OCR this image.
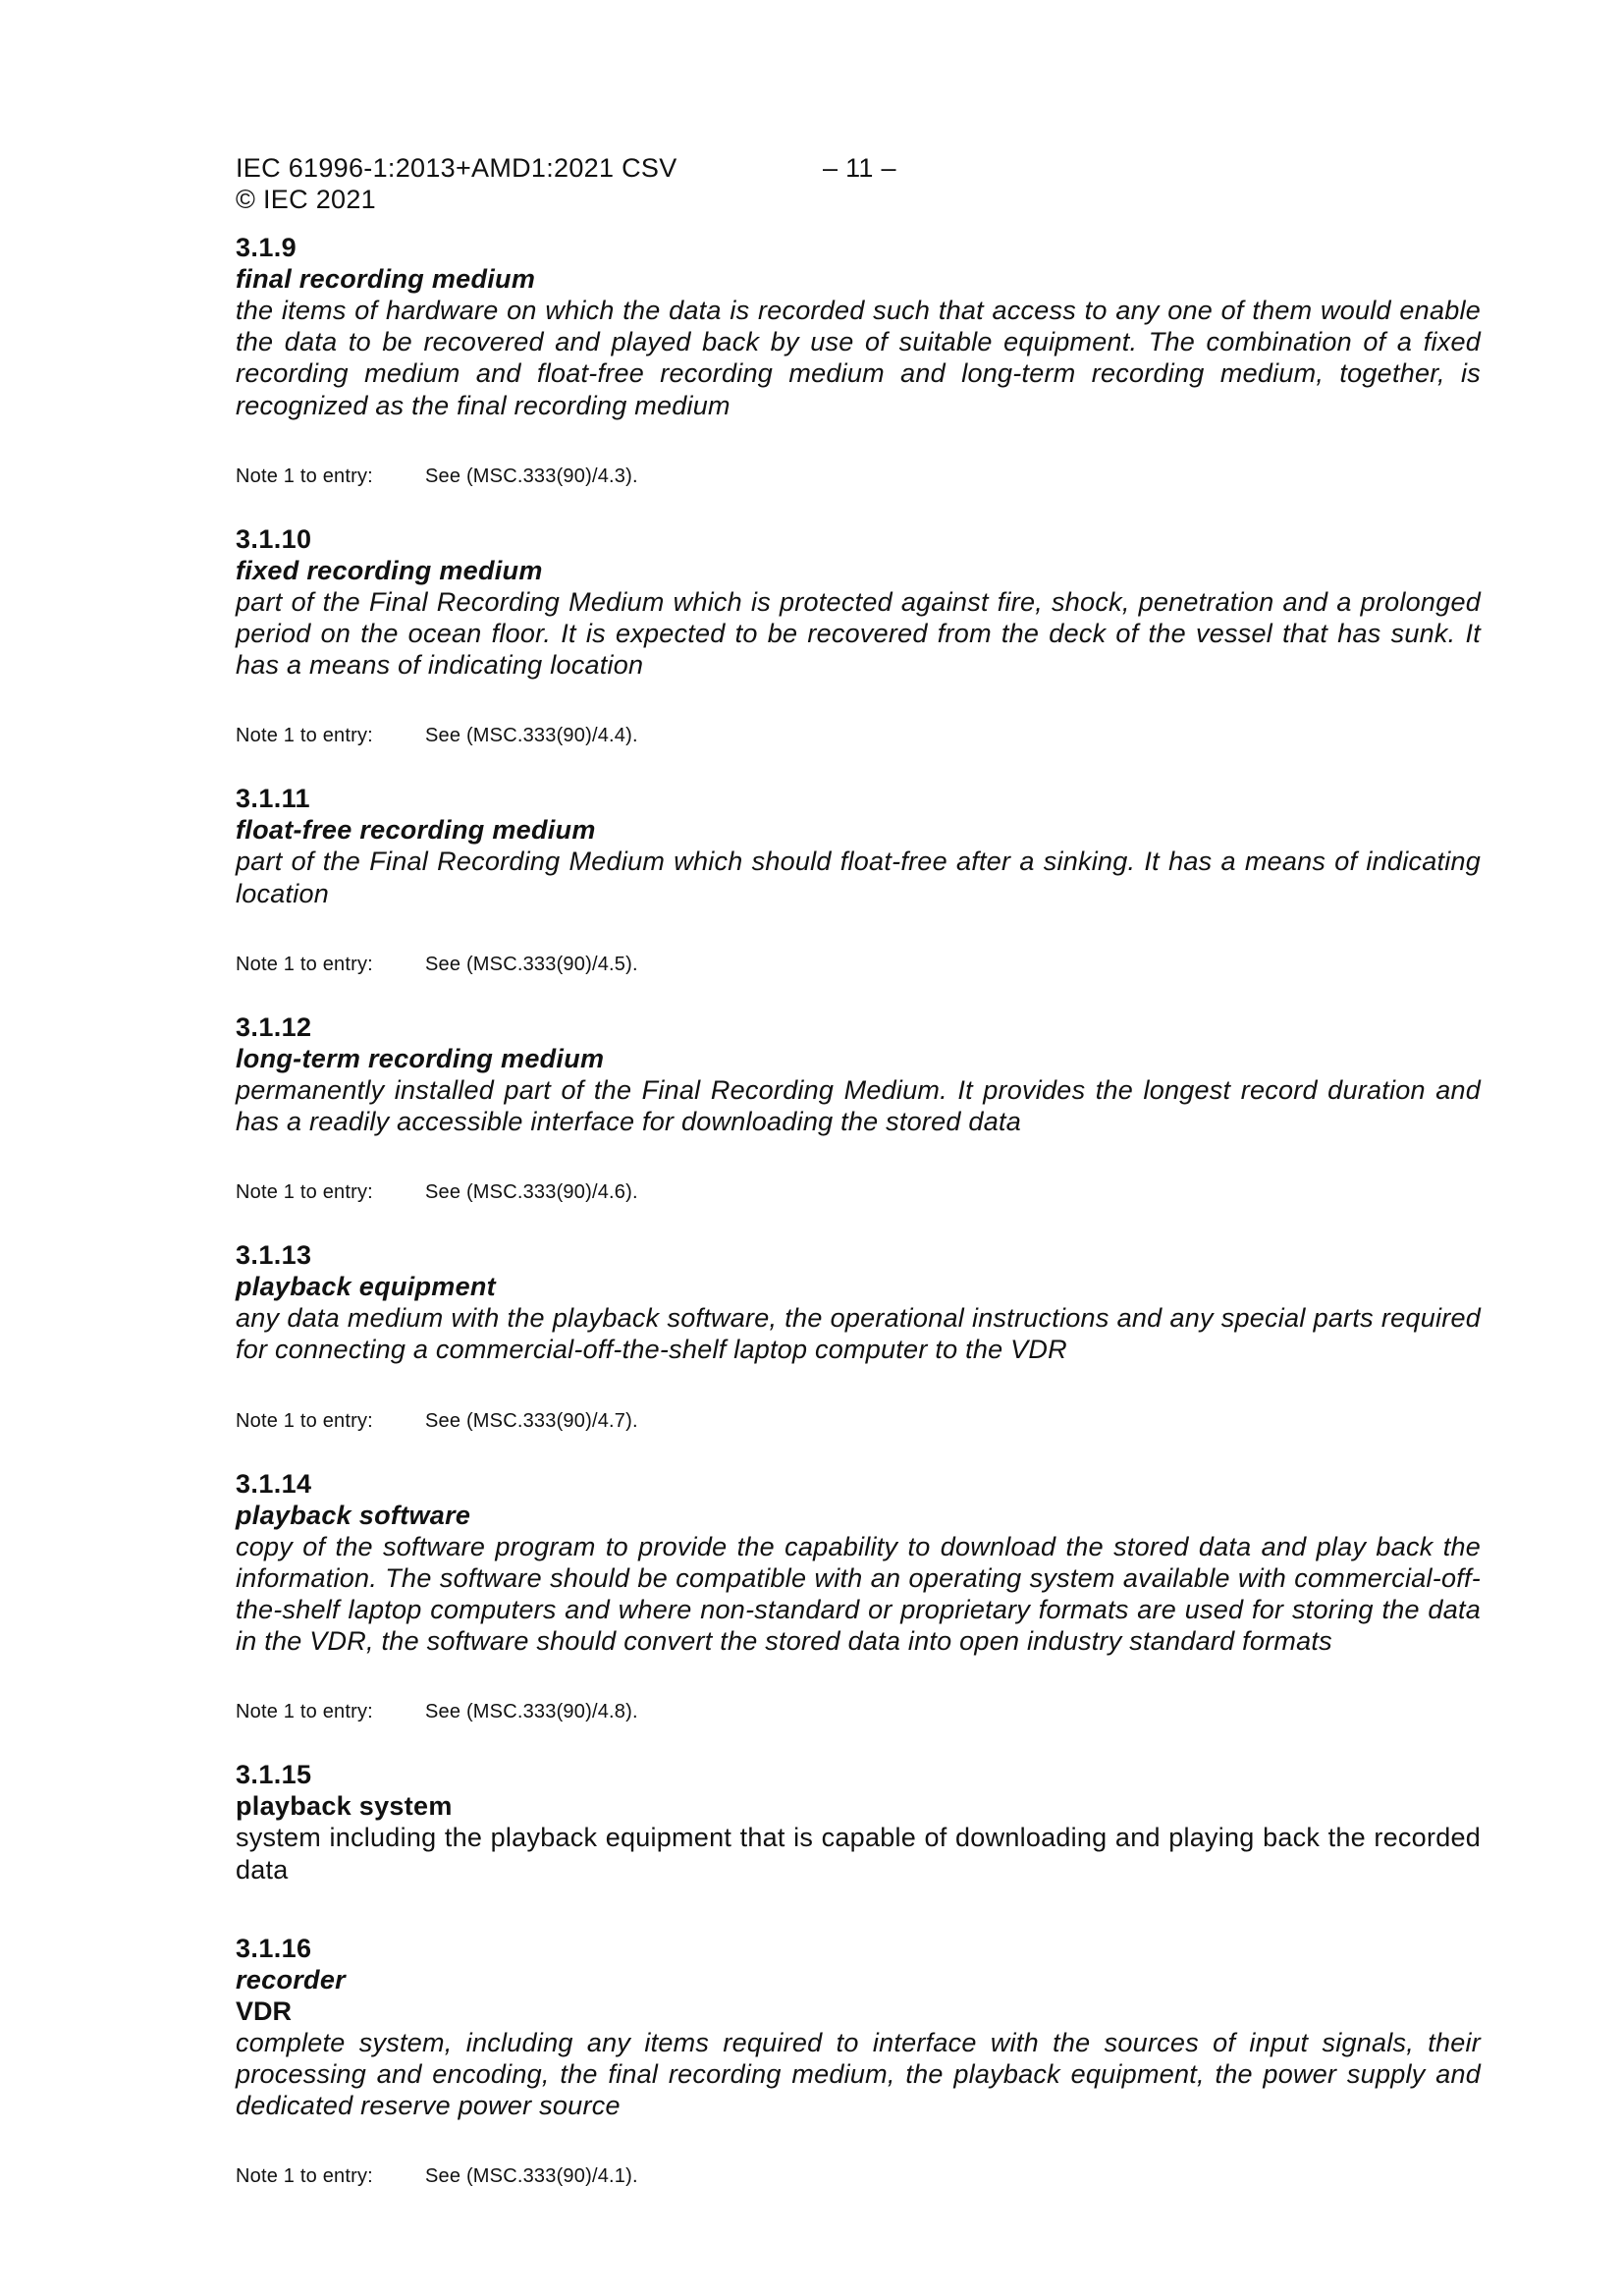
IEC 61996-1:2013+AMD1:2021 CSV	– 11 –
© IEC 2021
3.1.9
final recording medium
the items of hardware on which the data is recorded such that access to any one of them would enable the data to be recovered and played back by use of suitable equipment. The combination of a fixed recording medium and float-free recording medium and long-term recording medium, together, is recognized as the final recording medium
Note 1 to entry:	See (MSC.333(90)/4.3).
3.1.10
fixed recording medium
part of the Final Recording Medium which is protected against fire, shock, penetration and a prolonged period on the ocean floor. It is expected to be recovered from the deck of the vessel that has sunk. It has a means of indicating location
Note 1 to entry:	See (MSC.333(90)/4.4).
3.1.11
float-free recording medium
part of the Final Recording Medium which should float-free after a sinking. It has a means of indicating location
Note 1 to entry:	See (MSC.333(90)/4.5).
3.1.12
long-term recording medium
permanently installed part of the Final Recording Medium. It provides the longest record duration and has a readily accessible interface for downloading the stored data
Note 1 to entry:	See (MSC.333(90)/4.6).
3.1.13
playback equipment
any data medium with the playback software, the operational instructions and any special parts required for connecting a commercial-off-the-shelf laptop computer to the VDR
Note 1 to entry:	See (MSC.333(90)/4.7).
3.1.14
playback software
copy of the software program to provide the capability to download the stored data and play back the information. The software should be compatible with an operating system available with commercial-off-the-shelf laptop computers and where non-standard or proprietary formats are used for storing the data in the VDR, the software should convert the stored data into open industry standard formats
Note 1 to entry:	See (MSC.333(90)/4.8).
3.1.15
playback system
system including the playback equipment that is capable of downloading and playing back the recorded data
3.1.16
recorder
VDR
complete system, including any items required to interface with the sources of input signals, their processing and encoding, the final recording medium, the playback equipment, the power supply and dedicated reserve power source
Note 1 to entry:	See (MSC.333(90)/4.1).
